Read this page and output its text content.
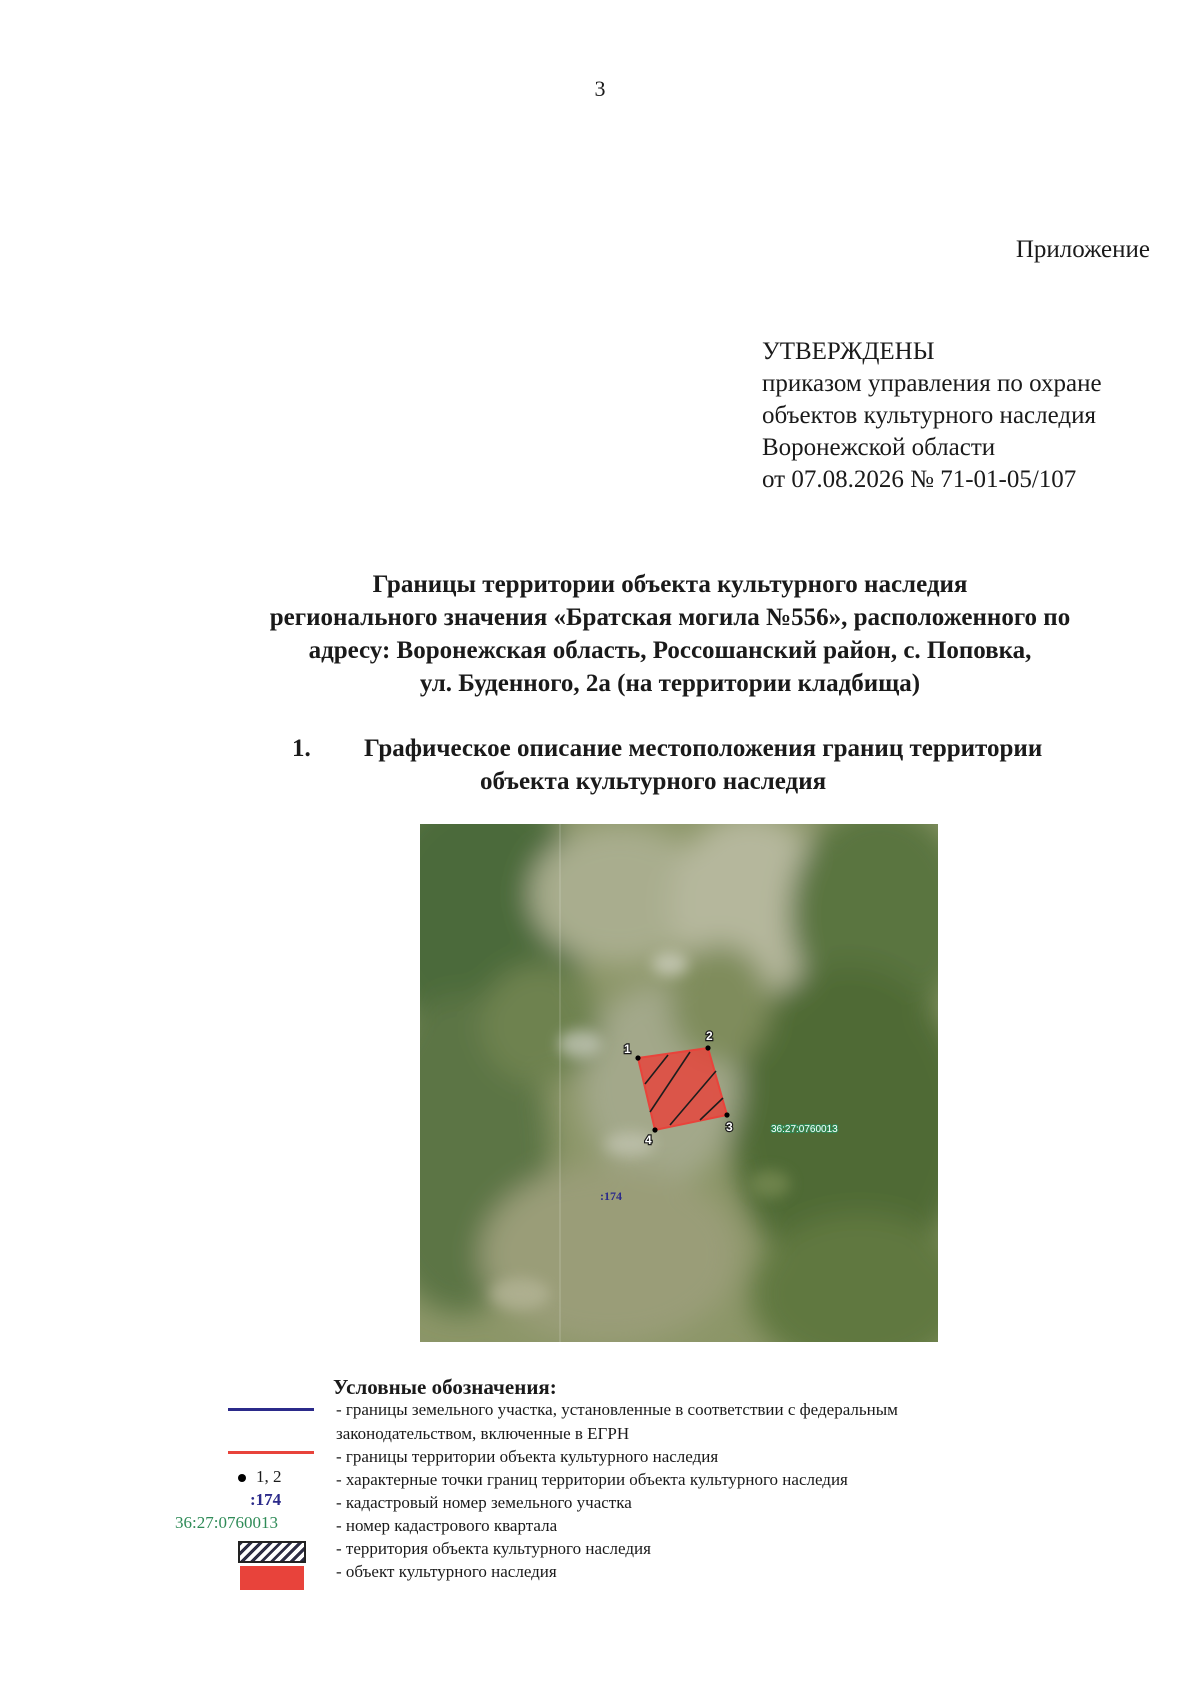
3
Приложение
УТВЕРЖДЕНЫ
приказом управления по охране
объектов культурного наследия
Воронежской области
от 07.08.2026 № 71-01-05/107
Границы территории объекта культурного наследия
регионального значения «Братская могила №556», расположенного по
адресу: Воронежская область, Россошанский район, с. Поповка,
ул. Буденного, 2а (на территории кладбища)
1. Графическое описание местоположения границ территории
объекта культурного наследия
1
2
3
4
36:27:0760013
:174
Условные обозначения:
- границы земельного участка, установленные в соответствии с федеральным
законодательством, включенные в ЕГРН
- границы территории объекта культурного наследия
1, 2	- характерные точки границ территории объекта культурного наследия
:174	- кадастровый номер земельного участка
36:27:0760013	- номер кадастрового квартала
- территория объекта культурного наследия
- объект культурного наследия
